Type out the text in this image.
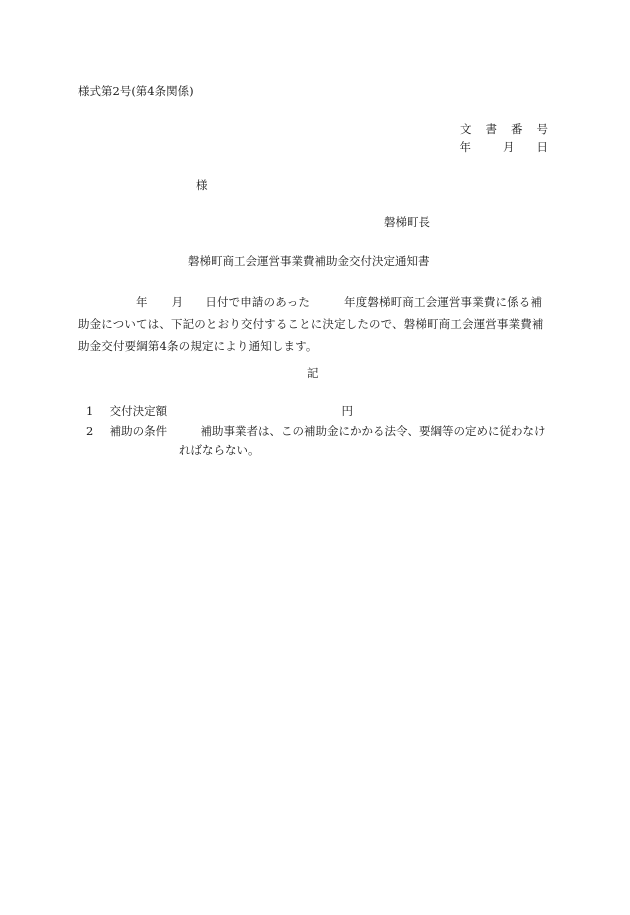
様式第2号(第4条関係)
文 書 番 号
年	月 日
様
磐梯町長
磐梯町商工会運営事業費補助金交付決定通知書
年 月 日付で申請のあった	年度磐梯町商工会運営事業費に係る補
助金については、下記のとおり交付することに決定したので、磐梯町商工会運営事業費補
助金交付要綱第4条の規定により通知します。
記
1 交付決定額	円
2 補助の条件	補助事業者は、この補助金にかかる法令、要綱等の定めに従わなけ
ればならない。
